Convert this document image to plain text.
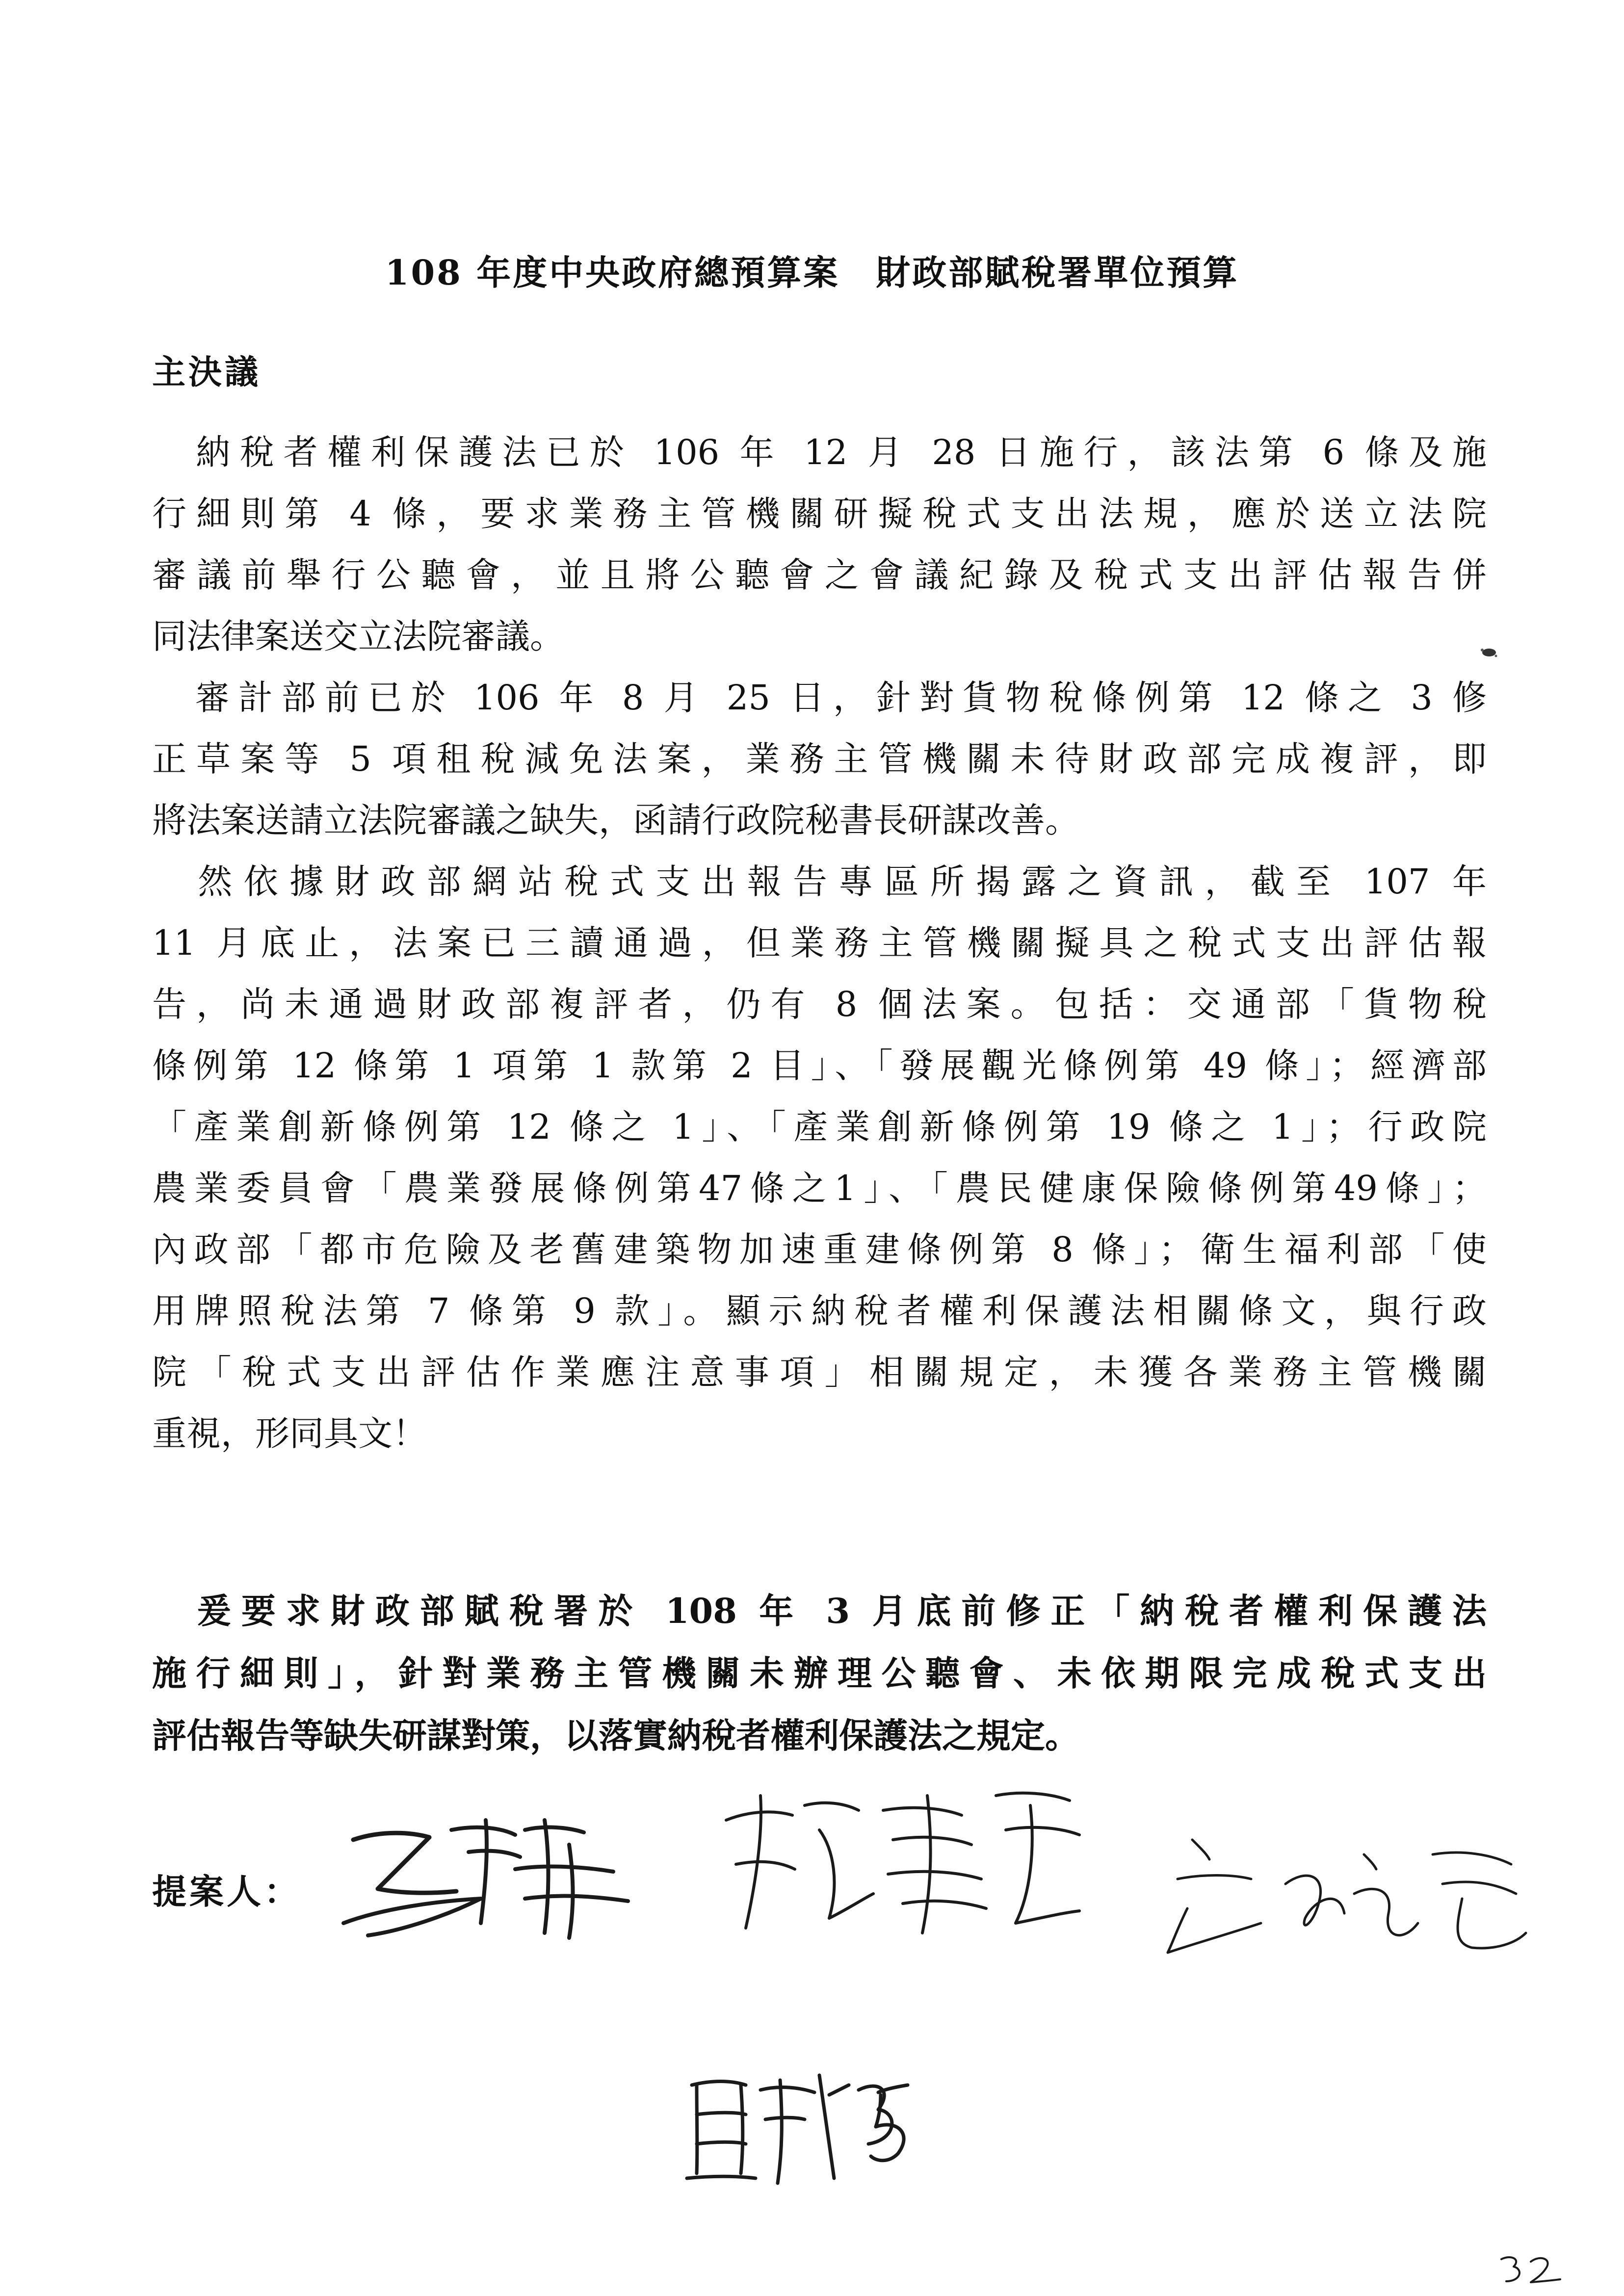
108 年度中央政府總預算案　財政部賦稅署單位預算
主決議
　納稅者權利保護法已於 106 年 12 月 28 日施行，該法第 6 條及施
行細則第 4 條，要求業務主管機關研擬稅式支出法規，應於送立法院
審議前舉行公聽會，並且將公聽會之會議紀錄及稅式支出評估報告併
同法律案送交立法院審議。
　審計部前已於 106 年 8 月 25 日，針對貨物稅條例第 12 條之 3 修
正草案等 5 項租稅減免法案，業務主管機關未待財政部完成複評，即
將法案送請立法院審議之缺失，函請行政院秘書長研謀改善。
　然依據財政部網站稅式支出報告專區所揭露之資訊，截至 107 年
11 月底止，法案已三讀通過，但業務主管機關擬具之稅式支出評估報
告，尚未通過財政部複評者，仍有 8 個法案。包括：交通部「貨物稅
條例第 12 條第 1 項第 1 款第 2 目」、「發展觀光條例第 49 條」；經濟部
「產業創新條例第 12 條之 1」、「產業創新條例第 19 條之 1」；行政院
農業委員會「農業發展條例第47條之1」、「農民健康保險條例第49條」；
內政部「都市危險及老舊建築物加速重建條例第 8 條」；衛生福利部「使
用牌照稅法第 7 條第 9 款」。顯示納稅者權利保護法相關條文，與行政
院「稅式支出評估作業應注意事項」相關規定，未獲各業務主管機關
重視，形同具文！
　爰要求財政部賦稅署於 108 年 3 月底前修正「納稅者權利保護法
施行細則」，針對業務主管機關未辦理公聽會、未依期限完成稅式支出
評估報告等缺失研謀對策，以落實納稅者權利保護法之規定。
提案人：
